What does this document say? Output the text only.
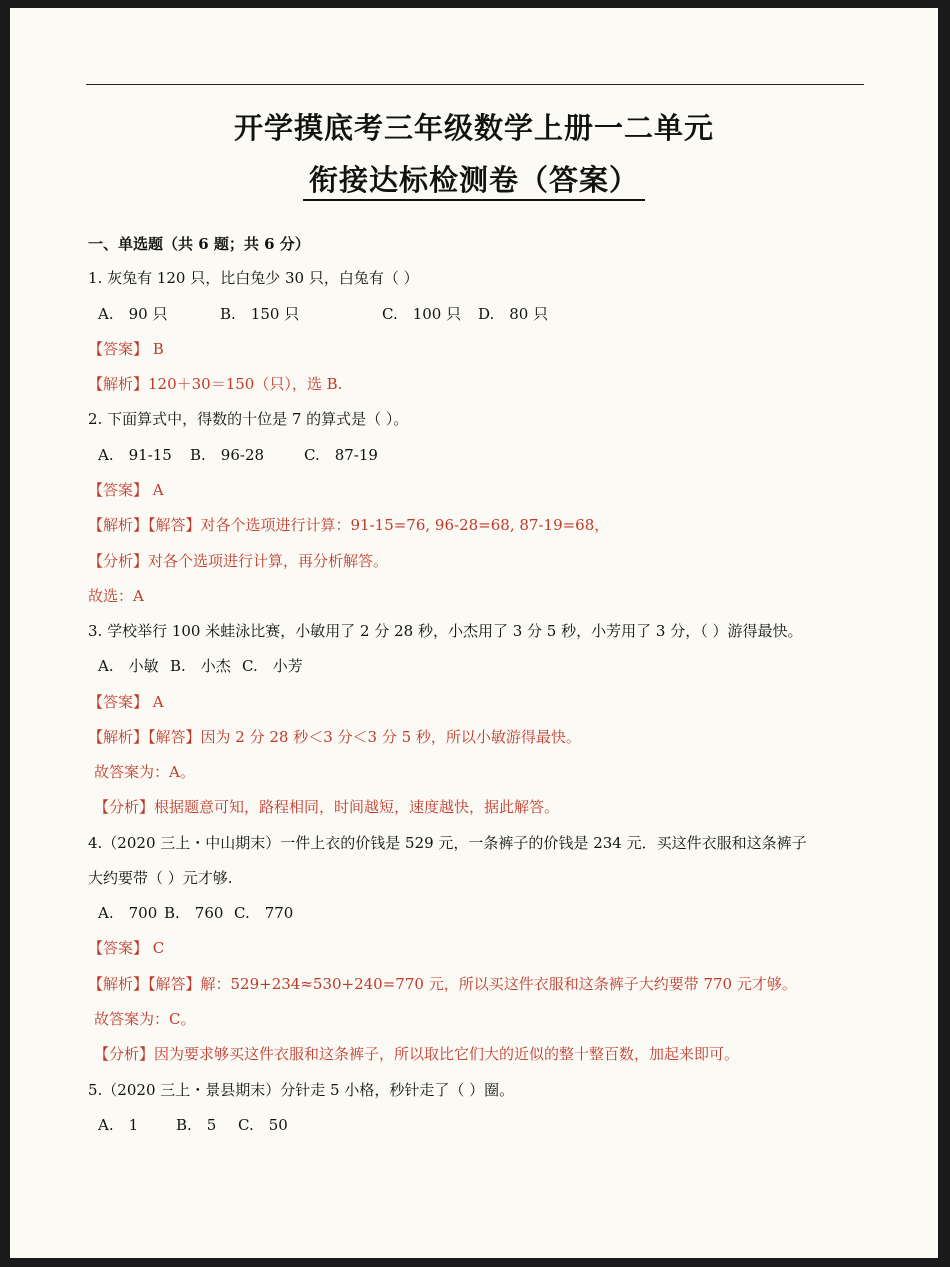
开学摸底考三年级数学上册一二单元
衔接达标检测卷（答案）
一、单选题（共 6 题；共 6 分）
1. 灰兔有 120 只，比白兔少 30 只，白兔有（ ）
A.　90 只	B.　150 只	C.　100 只 D.　80 只
【答案】 B
【解析】120＋30＝150（只），选 B.
2. 下面算式中，得数的十位是 7 的算式是（ ）。
A.　91-15 B.　96-28	C.　87-19
【答案】 A
【解析】【解答】对各个选项进行计算：91-15=76, 96-28=68, 87-19=68，
【分析】对各个选项进行计算，再分析解答。
故选：A
3. 学校举行 100 米蛙泳比赛，小敏用了 2 分 28 秒，小杰用了 3 分 5 秒，小芳用了 3 分，（ ）游得最快。
A.　小敏 B.　小杰 C.　小芳
【答案】 A
【解析】【解答】因为 2 分 28 秒＜3 分＜3 分 5 秒，所以小敏游得最快。
故答案为：A。
【分析】根据题意可知，路程相同，时间越短，速度越快，据此解答。
4.（2020 三上・中山期末）一件上衣的价钱是 529 元，一条裤子的价钱是 234 元．买这件衣服和这条裤子
大约要带（ ）元才够.
A.　700 B.　760 C.　770
【答案】 C
【解析】【解答】解：529+234≈530+240=770 元，所以买这件衣服和这条裤子大约要带 770 元才够。
故答案为：C。
【分析】因为要求够买这件衣服和这条裤子，所以取比它们大的近似的整十整百数，加起来即可。
5.（2020 三上・景县期末）分针走 5 小格，秒针走了（ ）圈。
A.　1	B.　5 C.　50
